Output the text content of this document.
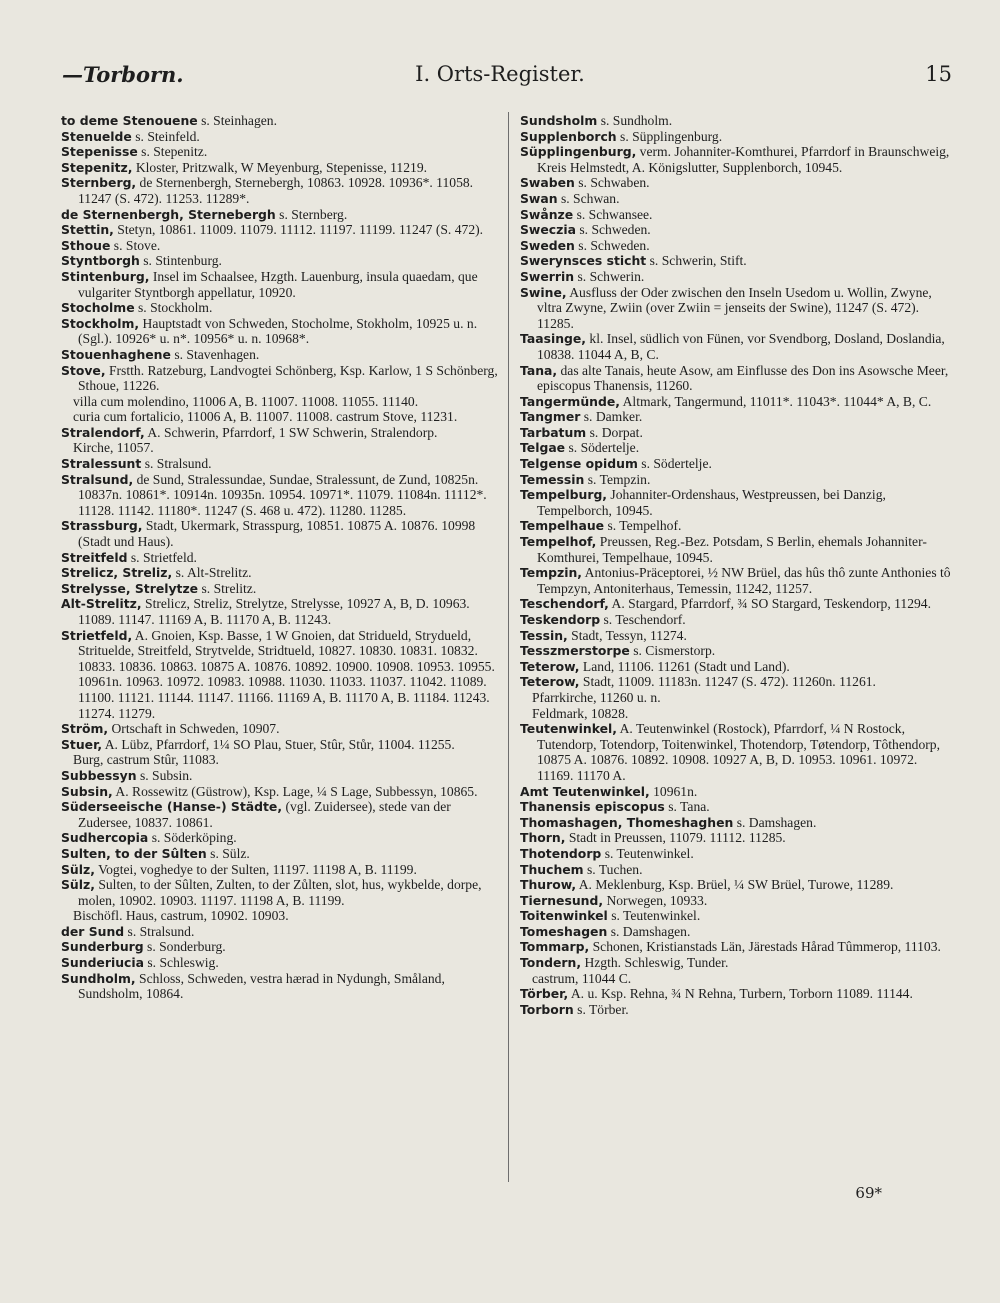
—Torborn.	I. Orts-Register.	15

to deme Stenouene s. Steinhagen.

Stenuelde s. Steinfeld.

Stepenisse s. Stepenitz.

Stepenitz, Kloster, Pritzwalk, W Meyenburg, Stepenisse, 11219.

Sternberg, de Sternenbergh, Sternebergh, 10863. 10928. 10936*. 11058. 11247 (S. 472). 11253. 11289*.

de Sternenbergh, Sternebergh s. Sternberg.

Stettin, Stetyn, 10861. 11009. 11079. 11112. 11197. 11199. 11247 (S. 472).

Sthoue s. Stove.

Styntborgh s. Stintenburg.

Stintenburg, Insel im Schaalsee, Hzgth. Lauenburg, insula quaedam, que vulgariter Styntborgh appellatur, 10920.

Stocholme s. Stockholm.

Stockholm, Hauptstadt von Schweden, Stocholme, Stokholm, 10925 u. n. (Sgl.). 10926* u. n*. 10956* u. n. 10968*.

Stouenhaghene s. Stavenhagen.

Stove, Frstth. Ratzeburg, Landvogtei Schönberg, Ksp. Karlow, 1 S Schönberg, Sthoue, 11226.

villa cum molendino, 11006 A, B. 11007. 11008. 11055. 11140.

curia cum fortalicio, 11006 A, B. 11007. 11008. castrum Stove, 11231.

Stralendorf, A. Schwerin, Pfarrdorf, 1 SW Schwerin, Stralendorp.

Kirche, 11057.

Stralessunt s. Stralsund.

Stralsund, de Sund, Stralessundae, Sundae, Stralessunt, de Zund, 10825n. 10837n. 10861*. 10914n. 10935n. 10954. 10971*. 11079. 11084n. 11112*. 11128. 11142. 11180*. 11247 (S. 468 u. 472). 11280. 11285.

Strassburg, Stadt, Ukermark, Strasspurg, 10851. 10875 A. 10876. 10998 (Stadt und Haus).

Streitfeld s. Strietfeld.

Strelicz, Streliz, s. Alt-Strelitz.

Strelysse, Strelytze s. Strelitz.

Alt-Strelitz, Strelicz, Streliz, Strelytze, Strelysse, 10927 A, B, D. 10963. 11089. 11147. 11169 A, B. 11170 A, B. 11243.

Strietfeld, A. Gnoien, Ksp. Basse, 1 W Gnoien, dat Stridueld, Strydueld, Strituelde, Streitfeld, Strytvelde, Stridtueld, 10827. 10830. 10831. 10832. 10833. 10836. 10863. 10875 A. 10876. 10892. 10900. 10908. 10953. 10955. 10961n. 10963. 10972. 10983. 10988. 11030. 11033. 11037. 11042. 11089. 11100. 11121. 11144. 11147. 11166. 11169 A, B. 11170 A, B. 11184. 11243. 11274. 11279.

Ström, Ortschaft in Schweden, 10907.

Stuer, A. Lübz, Pfarrdorf, 1¼ SO Plau, Stuer, Stûr, Stůr, 11004. 11255.

Burg, castrum Stûr, 11083.

Subbessyn s. Subsin.

Subsin, A. Rossewitz (Güstrow), Ksp. Lage, ¼ S Lage, Subbessyn, 10865.

Süderseeische (Hanse-) Städte, (vgl. Zuidersee), stede van der Zudersee, 10837. 10861.

Sudhercopia s. Söderköping.

Sulten, to der Sûlten s. Sülz.

Sülz, Vogtei, voghedye to der Sulten, 11197. 11198 A, B. 11199.

Sülz, Sulten, to der Sûlten, Zulten, to der Zůlten, slot, hus, wykbelde, dorpe, molen, 10902. 10903. 11197. 11198 A, B. 11199.

Bischöfl. Haus, castrum, 10902. 10903.

der Sund s. Stralsund.

Sunderburg s. Sonderburg.

Sunderiucia s. Schleswig.

Sundholm, Schloss, Schweden, vestra hærad in Nydungh, Småland, Sundsholm, 10864.

Sundsholm s. Sundholm.

Supplenborch s. Süpplingenburg.

Süpplingenburg, verm. Johanniter-Komthurei, Pfarrdorf in Braunschweig, Kreis Helmstedt, A. Königslutter, Supplenborch, 10945.

Swaben s. Schwaben.

Swan s. Schwan.

Swånze s. Schwansee.

Sweczia s. Schweden.

Sweden s. Schweden.

Swerynsces sticht s. Schwerin, Stift.

Swerrin s. Schwerin.

Swine, Ausfluss der Oder zwischen den Inseln Usedom u. Wollin, Zwyne, vltra Zwyne, Zwiin (over Zwiin = jenseits der Swine), 11247 (S. 472). 11285.

Taasinge, kl. Insel, südlich von Fünen, vor Svendborg, Dosland, Doslandia, 10838. 11044 A, B, C.

Tana, das alte Tanais, heute Asow, am Einflusse des Don ins Asowsche Meer, episcopus Thanensis, 11260.

Tangermünde, Altmark, Tangermund, 11011*. 11043*. 11044* A, B, C.

Tangmer s. Damker.

Tarbatum s. Dorpat.

Telgae s. Södertelje.

Telgense opidum s. Södertelje.

Temessin s. Tempzin.

Tempelburg, Johanniter-Ordenshaus, Westpreussen, bei Danzig, Tempelborch, 10945.

Tempelhaue s. Tempelhof.

Tempelhof, Preussen, Reg.-Bez. Potsdam, S Berlin, ehemals Johanniter-Komthurei, Tempelhaue, 10945.

Tempzin, Antonius-Präceptorei, ½ NW Brüel, das hûs thô zunte Anthonies tô Tempzyn, Antoniterhaus, Temessin, 11242, 11257.

Teschendorf, A. Stargard, Pfarrdorf, ¾ SO Stargard, Teskendorp, 11294.

Teskendorp s. Teschendorf.

Tessin, Stadt, Tessyn, 11274.

Tesszmerstorpe s. Cismerstorp.

Teterow, Land, 11106. 11261 (Stadt und Land).

Teterow, Stadt, 11009. 11183n. 11247 (S. 472). 11260n. 11261.

Pfarrkirche, 11260 u. n.

Feldmark, 10828.

Teutenwinkel, A. Teutenwinkel (Rostock), Pfarrdorf, ¼ N Rostock, Tutendorp, Totendorp, Toitenwinkel, Thotendorp, Tøtendorp, Tôthendorp, 10875 A. 10876. 10892. 10908. 10927 A, B, D. 10953. 10961. 10972. 11169. 11170 A.

Amt Teutenwinkel, 10961n.

Thanensis episcopus s. Tana.

Thomashagen, Thomeshaghen s. Damshagen.

Thorn, Stadt in Preussen, 11079. 11112. 11285.

Thotendorp s. Teutenwinkel.

Thuchem s. Tuchen.

Thurow, A. Meklenburg, Ksp. Brüel, ¼ SW Brüel, Turowe, 11289.

Tiernesund, Norwegen, 10933.

Toitenwinkel s. Teutenwinkel.

Tomeshagen s. Damshagen.

Tommarp, Schonen, Kristianstads Län, Järestads Hårad Tûmmerop, 11103.

Tondern, Hzgth. Schleswig, Tunder.

castrum, 11044 C.

Törber, A. u. Ksp. Rehna, ¾ N Rehna, Turbern, Torborn 11089. 11144.

Torborn s. Törber.

69*
